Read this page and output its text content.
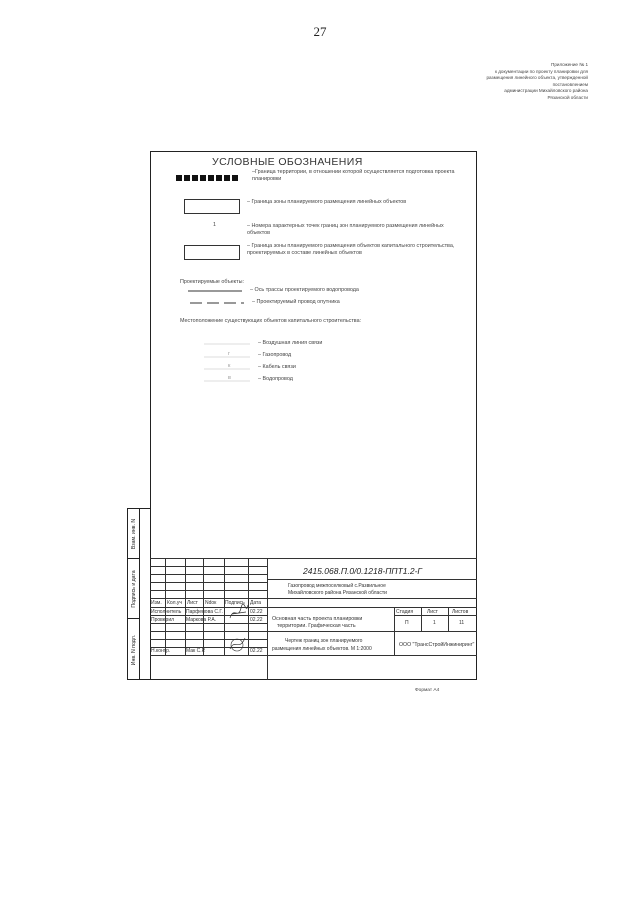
27
Приложение № 1
к документации по проекту планировки для
размещения линейного объекта, утвержденной
постановлением
администрации Михайловского района
Рязанской области
Взам. инв. N
Подпись и дата
Инв. N подл.
УСЛОВНЫЕ ОБОЗНАЧЕНИЯ
–Граница территории, в отношении которой осуществляется подготовка проекта планировки
– Граница зоны планируемого размещения линейных объектов
1	– Номера характерных точек границ зон планируемого размещения линейных объектов
– Граница зоны планируемого размещения объектов капитального строительства, проектируемых в составе линейных объектов
Проектируемые объекты:
– Ось трассы проектируемого водопровода
– Проектируемый провод опутника
Местоположение существующих объектов капитального строительства:
г
к
в
– Воздушная линия связи
– Газопровод
– Кабель связи
– Водопровод
2415.068.П.0/0.1218-ППТ1.2-Г
Газопровод межпоселковый с.Развильное
Михайловского района Рязанской области
Изм. Кол.уч Лист Ndoк Подпись Дата
Исполнитель Парфенова С.Г.	02.22
Проверил Маркова Р.А.	02.22
Н.контр.	Мак С.Р.	02.22
Основная часть проекта планировки
территории. Графическая часть
Стадия	Лист	Листов
П	1	11
Чертеж границ зон планируемого
размещения линейных объектов. М 1:2000
ООО "ТрансСтройИнжиниринг"
Формат А4
